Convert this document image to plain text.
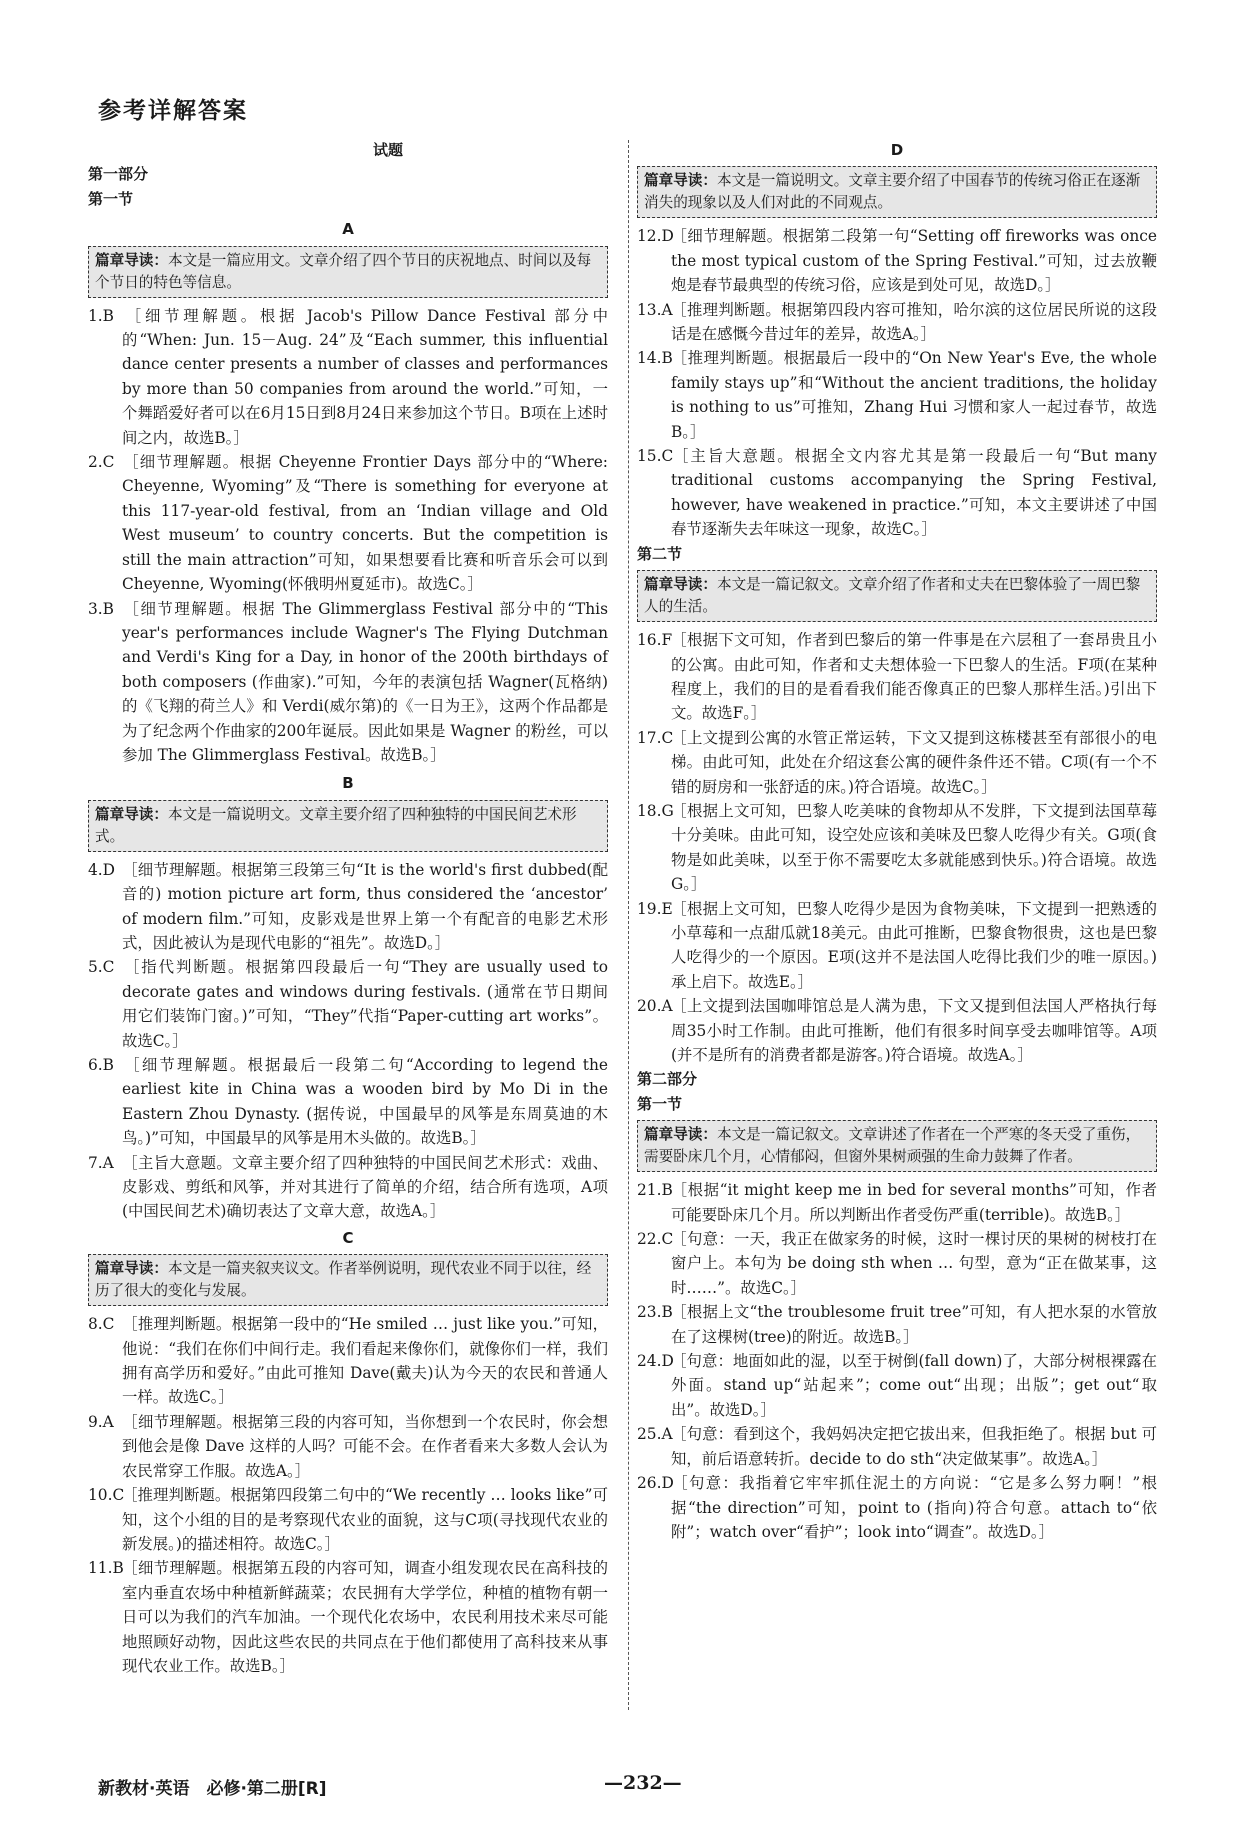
参考详解答案
试题
第一部分
第一节
A
篇章导读：本文是一篇应用文。文章介绍了四个节日的庆祝地点、时间以及每个节日的特色等信息。

1.B ［细节理解题。根据 Jacob's Pillow Dance Festival 部分中的“When: Jun. 15－Aug. 24”及“Each summer, this influential dance center presents a number of classes and performances by more than 50 companies from around the world.”可知，一个舞蹈爱好者可以在6月15日到8月24日来参加这个节日。B项在上述时间之内，故选B。］

2.C ［细节理解题。根据 Cheyenne Frontier Days 部分中的“Where: Cheyenne, Wyoming”及“There is something for everyone at this 117-year-old festival, from an ‘Indian village and Old West museum’ to country concerts. But the competition is still the main attraction”可知，如果想要看比赛和听音乐会可以到 Cheyenne, Wyoming(怀俄明州夏延市)。故选C。］

3.B ［细节理解题。根据 The Glimmerglass Festival 部分中的“This year's performances include Wagner's The Flying Dutchman and Verdi's King for a Day, in honor of the 200th birthdays of both composers (作曲家).”可知，今年的表演包括 Wagner(瓦格纳)的《飞翔的荷兰人》和 Verdi(威尔第)的《一日为王》，这两个作品都是为了纪念两个作曲家的200年诞辰。因此如果是 Wagner 的粉丝，可以参加 The Glimmerglass Festival。故选B。］

B
篇章导读：本文是一篇说明文。文章主要介绍了四种独特的中国民间艺术形式。

4.D ［细节理解题。根据第三段第三句“It is the world's first dubbed(配音的) motion picture art form, thus considered the ‘ancestor’ of modern film.”可知，皮影戏是世界上第一个有配音的电影艺术形式，因此被认为是现代电影的“祖先”。故选D。］

5.C ［指代判断题。根据第四段最后一句“They are usually used to decorate gates and windows during festivals. (通常在节日期间用它们装饰门窗。)”可知，“They”代指“Paper-cutting art works”。故选C。］

6.B ［细节理解题。根据最后一段第二句“According to legend the earliest kite in China was a wooden bird by Mo Di in the Eastern Zhou Dynasty. (据传说，中国最早的风筝是东周莫迪的木鸟。)”可知，中国最早的风筝是用木头做的。故选B。］

7.A ［主旨大意题。文章主要介绍了四种独特的中国民间艺术形式：戏曲、皮影戏、剪纸和风筝，并对其进行了简单的介绍，结合所有选项，A项(中国民间艺术)确切表达了文章大意，故选A。］

C
篇章导读：本文是一篇夹叙夹议文。作者举例说明，现代农业不同于以往，经历了很大的变化与发展。

8.C ［推理判断题。根据第一段中的“He smiled … just like you.”可知，他说：“我们在你们中间行走。我们看起来像你们，就像你们一样，我们拥有高学历和爱好。”由此可推知 Dave(戴夫)认为今天的农民和普通人一样。故选C。］

9.A ［细节理解题。根据第三段的内容可知，当你想到一个农民时，你会想到他会是像 Dave 这样的人吗？可能不会。在作者看来大多数人会认为农民常穿工作服。故选A。］

10.C［推理判断题。根据第四段第二句中的“We recently … looks like”可知，这个小组的目的是考察现代农业的面貌，这与C项(寻找现代农业的新发展。)的描述相符。故选C。］

11.B［细节理解题。根据第五段的内容可知，调查小组发现农民在高科技的室内垂直农场中种植新鲜蔬菜；农民拥有大学学位，种植的植物有朝一日可以为我们的汽车加油。一个现代化农场中，农民利用技术来尽可能地照顾好动物，因此这些农民的共同点在于他们都使用了高科技来从事现代农业工作。故选B。］

D
篇章导读：本文是一篇说明文。文章主要介绍了中国春节的传统习俗正在逐渐消失的现象以及人们对此的不同观点。

12.D［细节理解题。根据第二段第一句“Setting off fireworks was once the most typical custom of the Spring Festival.”可知，过去放鞭炮是春节最典型的传统习俗，应该是到处可见，故选D。］

13.A［推理判断题。根据第四段内容可推知，哈尔滨的这位居民所说的这段话是在感慨今昔过年的差异，故选A。］

14.B［推理判断题。根据最后一段中的“On New Year's Eve, the whole family stays up”和“Without the ancient traditions, the holiday is nothing to us”可推知，Zhang Hui 习惯和家人一起过春节，故选B。］

15.C［主旨大意题。根据全文内容尤其是第一段最后一句“But many traditional customs accompanying the Spring Festival, however, have weakened in practice.”可知，本文主要讲述了中国春节逐渐失去年味这一现象，故选C。］

第二节
篇章导读：本文是一篇记叙文。文章介绍了作者和丈夫在巴黎体验了一周巴黎人的生活。

16.F［根据下文可知，作者到巴黎后的第一件事是在六层租了一套昂贵且小的公寓。由此可知，作者和丈夫想体验一下巴黎人的生活。F项(在某种程度上，我们的目的是看看我们能否像真正的巴黎人那样生活。)引出下文。故选F。］

17.C［上文提到公寓的水管正常运转，下文又提到这栋楼甚至有部很小的电梯。由此可知，此处在介绍这套公寓的硬件条件还不错。C项(有一个不错的厨房和一张舒适的床。)符合语境。故选C。］

18.G［根据上文可知，巴黎人吃美味的食物却从不发胖，下文提到法国草莓十分美味。由此可知，设空处应该和美味及巴黎人吃得少有关。G项(食物是如此美味，以至于你不需要吃太多就能感到快乐。)符合语境。故选G。］

19.E［根据上文可知，巴黎人吃得少是因为食物美味，下文提到一把熟透的小草莓和一点甜瓜就18美元。由此可推断，巴黎食物很贵，这也是巴黎人吃得少的一个原因。E项(这并不是法国人吃得比我们少的唯一原因。)承上启下。故选E。］

20.A［上文提到法国咖啡馆总是人满为患，下文又提到但法国人严格执行每周35小时工作制。由此可推断，他们有很多时间享受去咖啡馆等。A项(并不是所有的消费者都是游客。)符合语境。故选A。］

第二部分
第一节
篇章导读：本文是一篇记叙文。文章讲述了作者在一个严寒的冬天受了重伤，需要卧床几个月，心情郁闷，但窗外果树顽强的生命力鼓舞了作者。

21.B［根据“it might keep me in bed for several months”可知，作者可能要卧床几个月。所以判断出作者受伤严重(terrible)。故选B。］

22.C［句意：一天，我正在做家务的时候，这时一棵讨厌的果树的树枝打在窗户上。本句为 be doing sth when … 句型，意为“正在做某事，这时……”。故选C。］

23.B［根据上文“the troublesome fruit tree”可知，有人把水泵的水管放在了这棵树(tree)的附近。故选B。］

24.D［句意：地面如此的湿，以至于树倒(fall down)了，大部分树根裸露在外面。stand up“站起来”；come out“出现；出版”；get out“取出”。故选D。］

25.A［句意：看到这个，我妈妈决定把它拔出来，但我拒绝了。根据 but 可知，前后语意转折。decide to do sth“决定做某事”。故选A。］

26.D［句意：我指着它牢牢抓住泥土的方向说：“它是多么努力啊！”根据“the direction”可知，point to (指向)符合句意。attach to“依附”；watch over“看护”；look into“调查”。故选D。］

新教材·英语　必修·第二册[R]	—232—
